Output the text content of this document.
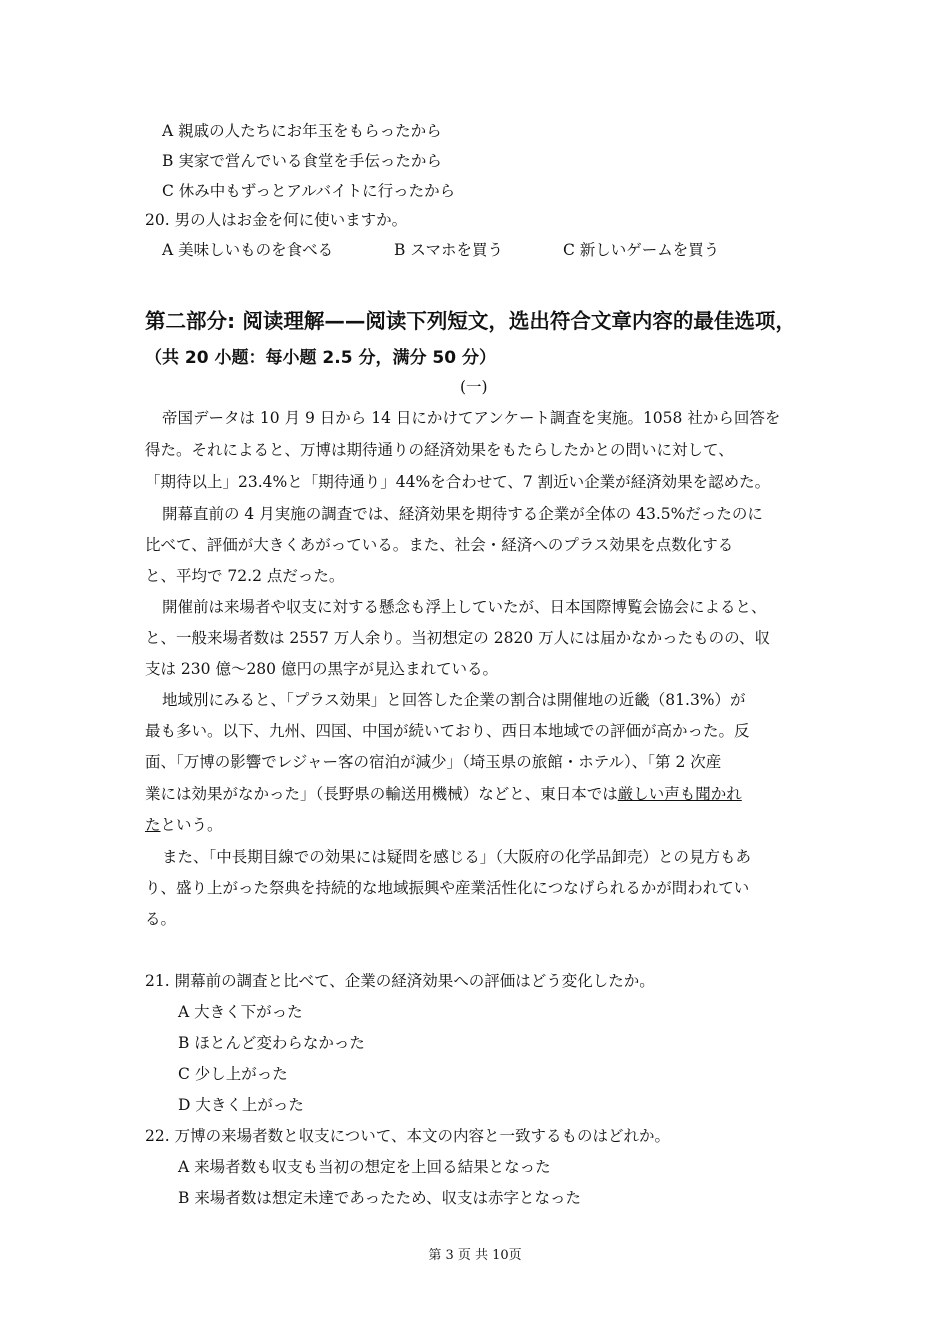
A 親戚の人たちにお年玉をもらったから
B 実家で営んでいる食堂を手伝ったから
C 休み中もずっとアルバイトに行ったから
20. 男の人はお金を何に使いますか。
A 美味しいものを食べる	B スマホを買う	C 新しいゲームを買う
第二部分: 阅读理解——阅读下列短文，选出符合文章内容的最佳选项，
（共 20 小题：每小题 2.5 分，满分 50 分）
(一)
帝国データは 10 月 9 日から 14 日にかけてアンケート調査を実施。1058 社から回答を
得た。それによると、万博は期待通りの経済効果をもたらしたかとの問いに対して、
「期待以上」23.4%と「期待通り」44%を合わせて、7 割近い企業が経済効果を認めた。
開幕直前の 4 月実施の調査では、経済効果を期待する企業が全体の 43.5%だったのに
比べて、評価が大きくあがっている。また、社会・経済へのプラス効果を点数化する
と、平均で 72.2 点だった。
開催前は来場者や収支に対する懸念も浮上していたが、日本国際博覧会協会によると、
と、一般来場者数は 2557 万人余り。当初想定の 2820 万人には届かなかったものの、収
支は 230 億～280 億円の黒字が見込まれている。
地域別にみると、「プラス効果」と回答した企業の割合は開催地の近畿（81.3%）が
最も多い。以下、九州、四国、中国が続いており、西日本地域での評価が高かった。反
面、「万博の影響でレジャー客の宿泊が減少」（埼玉県の旅館・ホテル）、「第 2 次産
業には効果がなかった」（長野県の輸送用機械）などと、東日本では厳しい声も聞かれ
たという。
また、「中長期目線での効果には疑問を感じる」（大阪府の化学品卸売）との見方もあ
り、盛り上がった祭典を持続的な地域振興や産業活性化につなげられるかが問われてい
る。
21. 開幕前の調査と比べて、企業の経済効果への評価はどう変化したか。
A 大きく下がった
B ほとんど変わらなかった
C 少し上がった
D 大きく上がった
22. 万博の来場者数と収支について、本文の内容と一致するものはどれか。
A 来場者数も収支も当初の想定を上回る結果となった
B 来場者数は想定未達であったため、収支は赤字となった
第 3 页 共 10页
